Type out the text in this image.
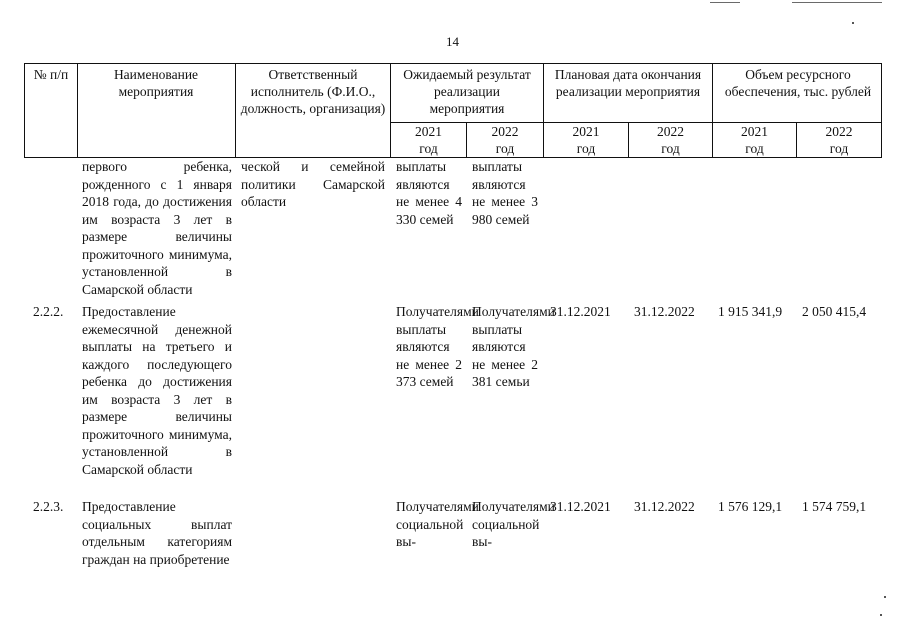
14
№ п/п	Наименование мероприятия
Ответственный исполнитель (Ф.И.О., должность, организация)
Ожидаемый результат реализации мероприятия
Плановая дата окончания реализации мероприятия
Объем ресурсного обеспечения, тыс. рублей
2021
год
2022
год
2021
год
2022
год
2021
год
2022
год
первого ребенка, рожденного с 1 января 2018 года, до достижения им возраста 3 лет в размере величины прожиточного минимума, установленной в Самарской области
ческой и семейной политики Самарской области
выплаты являются не менее 4 330 семей
выплаты являются не менее 3 980 семей
2.2.2. Предоставление ежемесячной денежной выплаты на третьего и каждого последующего ребенка до достижения им возраста 3 лет в размере величины прожиточного минимума, установленной в Самарской области
Получателями выплаты являются не менее 2 373 семей
Получателями выплаты являются не менее 2 381 семьи
31.12.2021 31.12.2022 1 915 341,9 2 050 415,4
2.2.3. Предоставление социальных выплат отдельным категориям граждан на приобретение
Получателями социальной вы-
Получателями социальной вы-
31.12.2021 31.12.2022 1 576 129,1 1 574 759,1
